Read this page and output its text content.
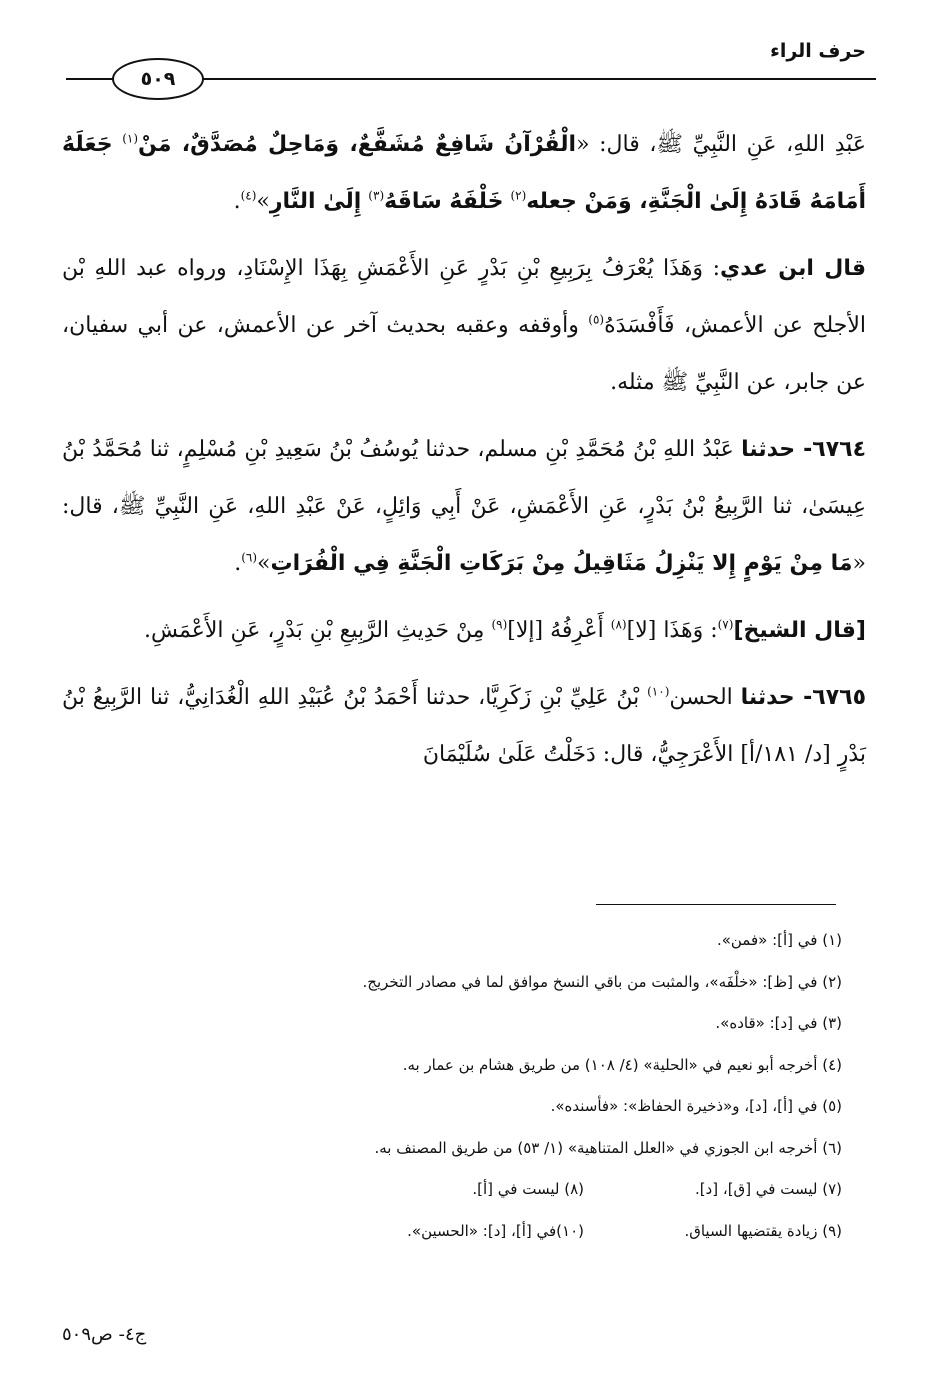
حرف الراء
٥٠٩

عَبْدِ اللهِ، عَنِ النَّبِيِّ ﷺ، قال: «الْقُرْآنُ شَافِعٌ مُشَفَّعٌ، وَمَاحِلٌ مُصَدَّقٌ، مَنْ$^{(١)}$ جَعَلَهُ أَمَامَهُ قَادَهُ إِلَىٰ الْجَنَّةِ، وَمَنْ جعله$^{(٢)}$ خَلْفَهُ سَاقَهُ$^{(٣)}$ إِلَىٰ النَّارِ»$^{(٤)}$.

قال ابن عدي: وَهَذَا يُعْرَفُ بِرَبِيعِ بْنِ بَدْرٍ عَنِ الأَعْمَشِ بِهَذَا الإِسْنَادِ، ورواه عبد اللهِ بْن الأجلح عن الأعمش، فَأَفْسَدَهُ$^{(٥)}$ وأوقفه وعقبه بحديث آخر عن الأعمش، عن أبي سفيان، عن جابر، عن النَّبِيِّ ﷺ مثله.

٦٧٦٤- حدثنا عَبْدُ اللهِ بْنُ مُحَمَّدِ بْنِ مسلم، حدثنا يُوسُفُ بْنُ سَعِيدِ بْنِ مُسْلِمٍ، ثنا مُحَمَّدُ بْنُ عِيسَىٰ، ثنا الرَّبِيعُ بْنُ بَدْرٍ، عَنِ الأَعْمَشِ، عَنْ أَبِي وَائِلٍ، عَنْ عَبْدِ اللهِ، عَنِ النَّبِيِّ ﷺ، قال: «مَا مِنْ يَوْمٍ إِلا يَنْزِلُ مَثَاقِيلُ مِنْ بَرَكَاتِ الْجَنَّةِ فِي الْفُرَاتِ»$^{(٦)}$.

[قال الشيخ]$^{(٧)}$: وَهَذَا [لا]$^{(٨)}$ أَعْرِفُهُ [إلا]$^{(٩)}$ مِنْ حَدِيثِ الرَّبِيعِ بْنِ بَدْرٍ، عَنِ الأَعْمَشِ.

٦٧٦٥- حدثنا الحسن$^{(١٠)}$ بْنُ عَلِيِّ بْنِ زَكَرِيَّا، حدثنا أَحْمَدُ بْنُ عُبَيْدِ اللهِ الْغُدَانِيُّ، ثنا الرَّبِيعُ بْنُ بَدْرٍ [د/ ١٨١/أ] الأَعْرَجِيُّ، قال: دَخَلْتُ عَلَىٰ سُلَيْمَانَ

(١) في [أ]: «فمن».
(٢) في [ظ]: «خلْفَه»، والمثبت من باقي النسخ موافق لما في مصادر التخريج.
(٣) في [د]: «قاده».
(٤) أخرجه أبو نعيم في «الحلية» (٤/ ١٠٨) من طريق هشام بن عمار به.
(٥) في [أ]، [د]، و«ذخيرة الحفاظ»: «فأسنده».
(٦) أخرجه ابن الجوزي في «العلل المتناهية» (١/ ٥٣) من طريق المصنف به.
(٧) ليست في [ق]، [د].
(٨) ليست في [أ].
(٩) زيادة يقتضيها السياق.
(١٠)في [أ]، [د]: «الحسين».
ج٤- ص٥٠٩
